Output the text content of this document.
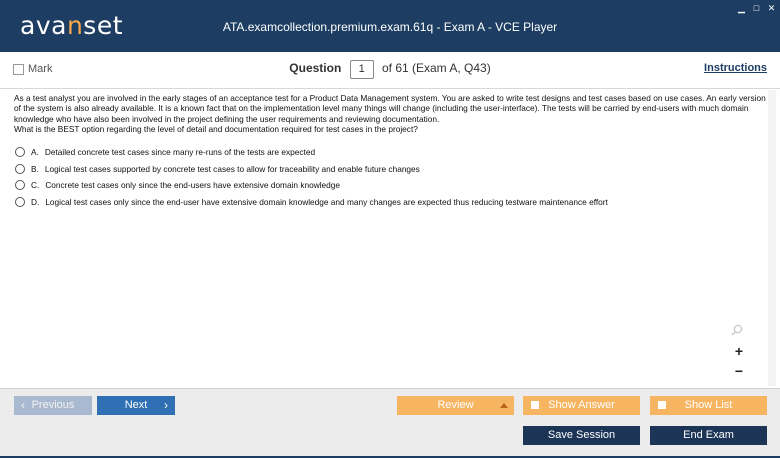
avanset	ATA.examcollection.premium.exam.61q - Exam A - VCE Player
▁ □ ✕
Mark	Question 1 of 61 (Exam A, Q43)	Instructions
As a test analyst you are involved in the early stages of an acceptance test for a Product Data Management system. You are asked to write test designs and test cases based on use cases. An early version of the system is also already available. It is a known fact that on the implementation level many things will change (including the user-interface). The tests will be carried by end-users with much domain knowledge who have also been involved in the project defining the user requirements and reviewing documentation.
What is the BEST option regarding the level of detail and documentation required for test cases in the project?
A. Detailed concrete test cases since many re-runs of the tests are expected
B. Logical test cases supported by concrete test cases to allow for traceability and enable future changes
C. Concrete test cases only since the end-users have extensive domain knowledge
D. Logical test cases only since the end-user have extensive domain knowledge and many changes are expected thus reducing testware maintenance effort
+
−
‹ Previous	Next ›	Review	Show Answer	Show List
Save Session	End Exam
